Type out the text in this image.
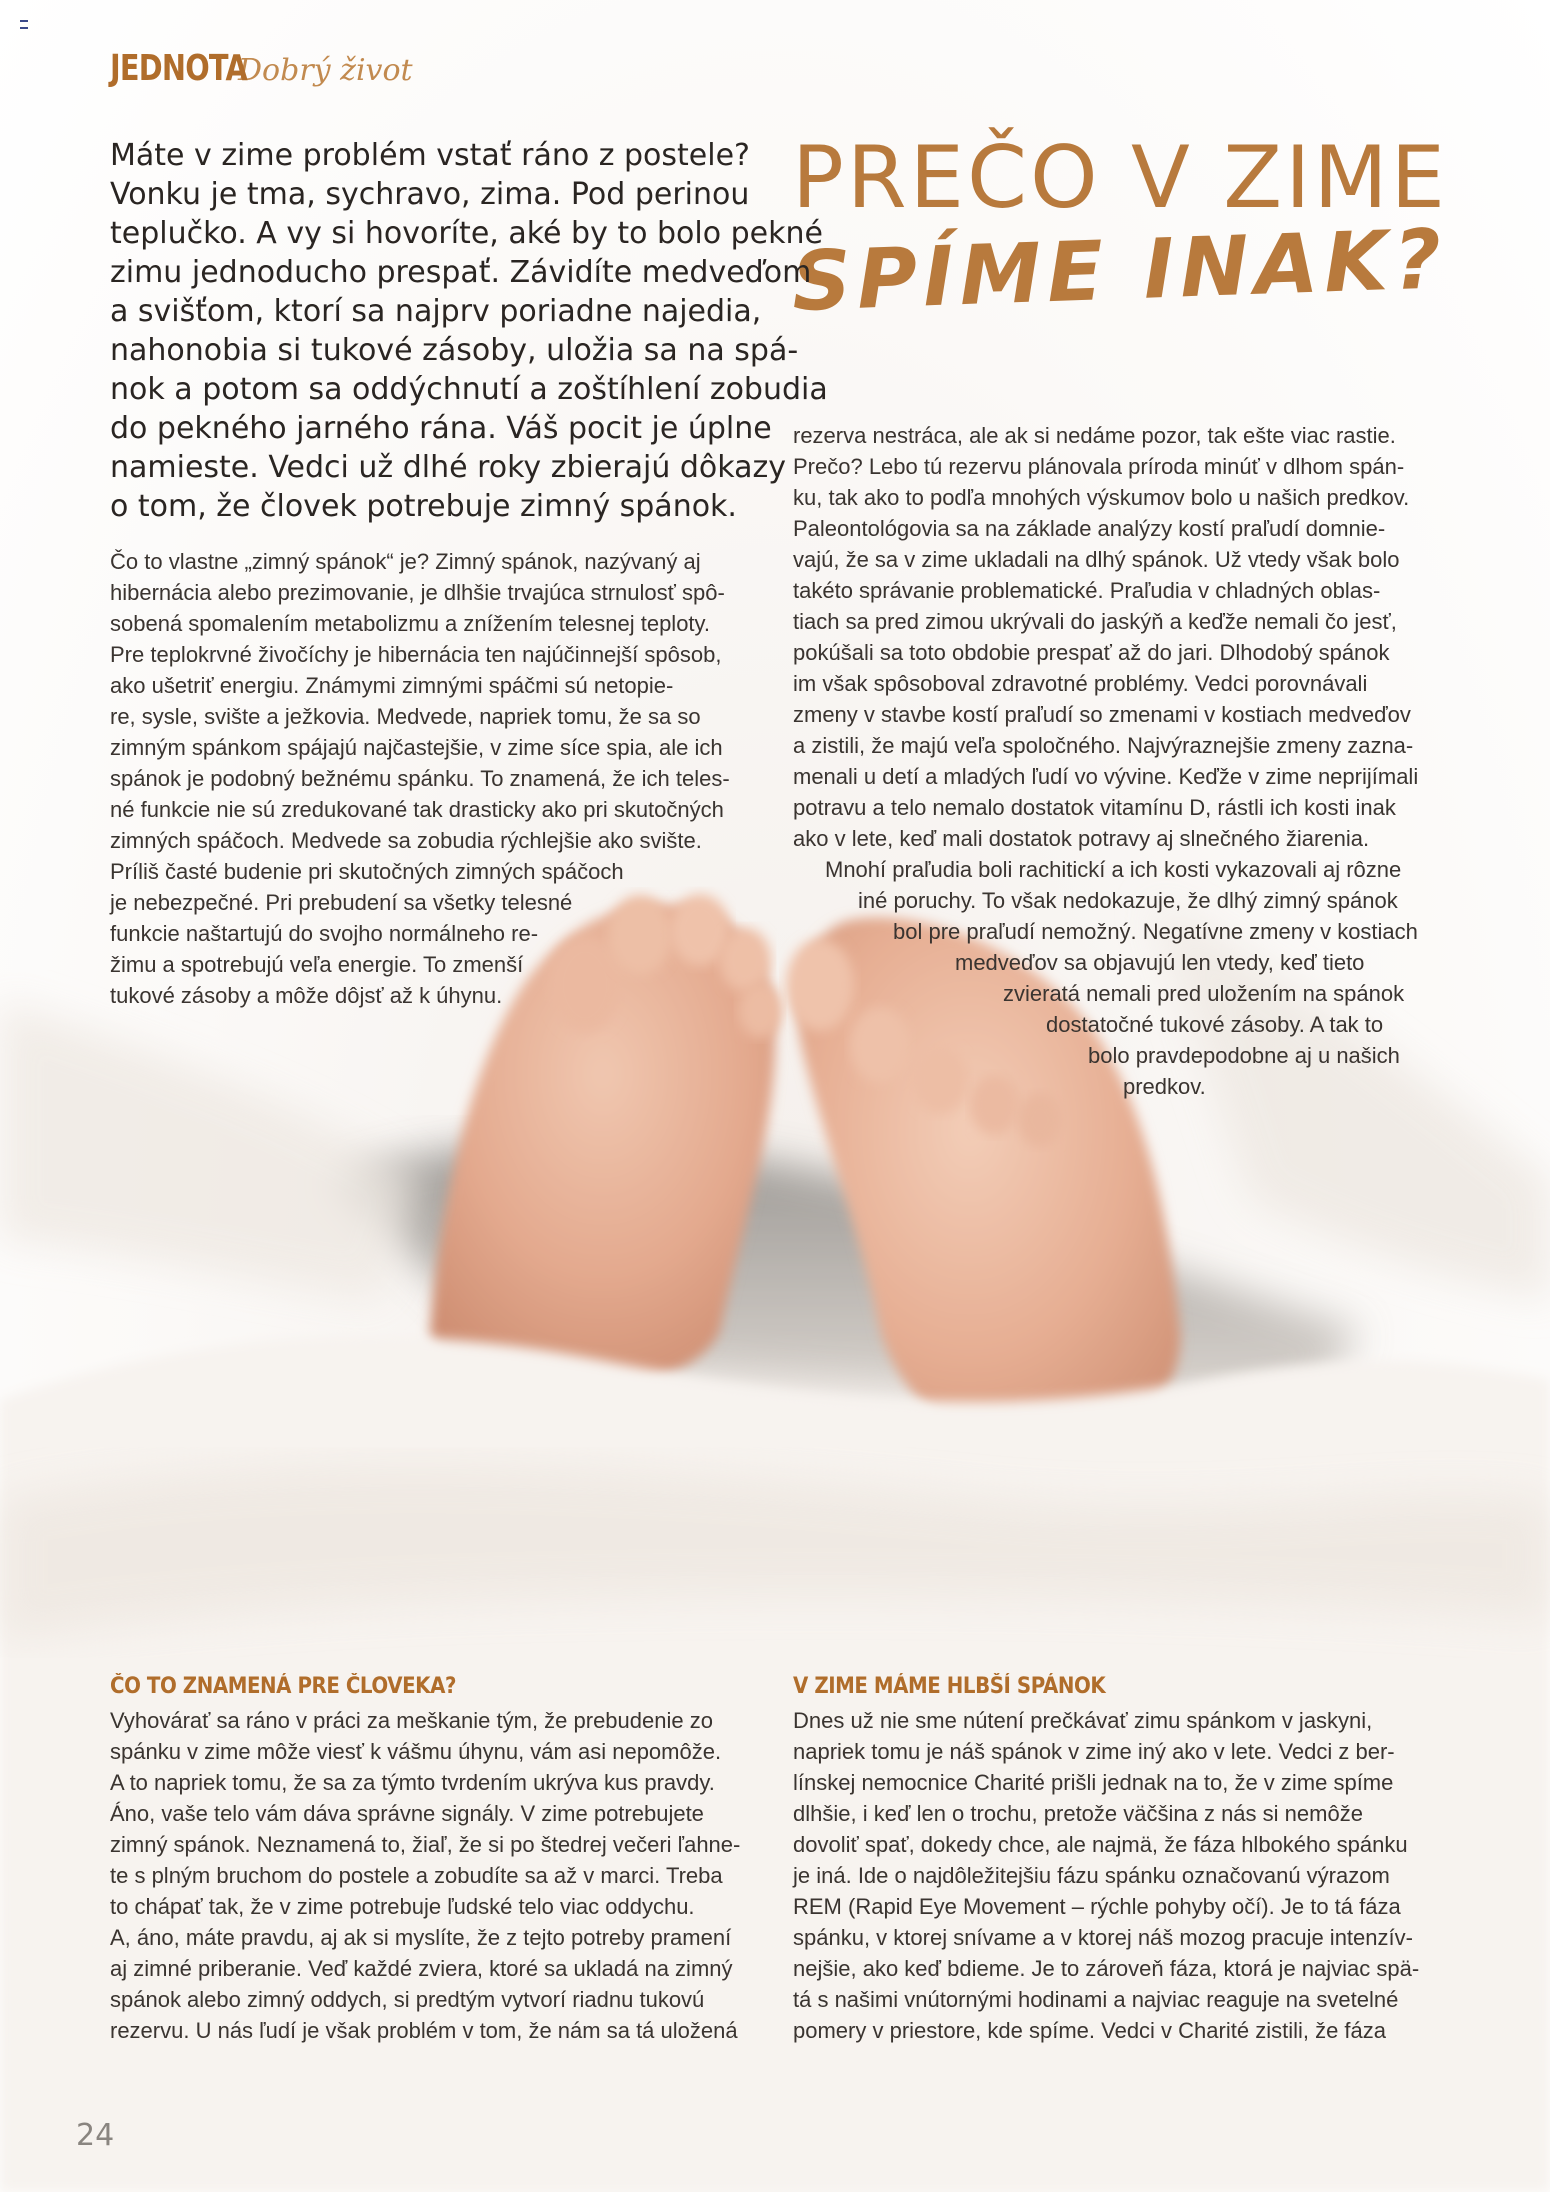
JEDNOTA
Dobrý život
PREČO V ZIME
SPÍME INAK?

Máte v zime problém vstať ráno z postele?
Vonku je tma, sychravo, zima. Pod perinou
teplučko. A vy si hovoríte, aké by to bolo pekné
zimu jednoducho prespať. Závidíte medveďom
a svišťom, ktorí sa najprv poriadne najedia,
nahonobia si tukové zásoby, uložia sa na spá-
nok a potom sa oddýchnutí a zoštíhlení zobudia
do pekného jarného rána. Váš pocit je úplne
namieste. Vedci už dlhé roky zbierajú dôkazy
o tom, že človek potrebuje zimný spánok.

Čo to vlastne „zimný spánok“ je? Zimný spánok, nazývaný aj
hibernácia alebo prezimovanie, je dlhšie trvajúca strnulosť spô-
sobená spomalením metabolizmu a znížením telesnej teploty.
Pre teplokrvné živočíchy je hibernácia ten najúčinnejší spôsob,
ako ušetriť energiu. Známymi zimnými spáčmi sú netopie-
re, sysle, svište a ježkovia. Medvede, napriek tomu, že sa so
zimným spánkom spájajú najčastejšie, v zime síce spia, ale ich
spánok je podobný bežnému spánku. To znamená, že ich teles-
né funkcie nie sú zredukované tak drasticky ako pri skutočných
zimných spáčoch. Medvede sa zobudia rýchlejšie ako svište.
Príliš časté budenie pri skutočných zimných spáčoch
je nebezpečné. Pri prebudení sa všetky telesné
funkcie naštartujú do svojho normálneho re-
žimu a spotrebujú veľa energie. To zmenší
tukové zásoby a môže dôjsť až k úhynu.

rezerva nestráca, ale ak si nedáme pozor, tak ešte viac rastie.
Prečo? Lebo tú rezervu plánovala príroda minúť v dlhom spán-
ku, tak ako to podľa mnohých výskumov bolo u našich predkov.
Paleontológovia sa na základe analýzy kostí praľudí domnie-
vajú, že sa v zime ukladali na dlhý spánok. Už vtedy však bolo
takéto správanie problematické. Praľudia v chladných oblas-
tiach sa pred zimou ukrývali do jaskýň a keďže nemali čo jesť,
pokúšali sa toto obdobie prespať až do jari. Dlhodobý spánok
im však spôsoboval zdravotné problémy. Vedci porovnávali
zmeny v stavbe kostí praľudí so zmenami v kostiach medveďov
a zistili, že majú veľa spoločného. Najvýraznejšie zmeny zazna-
menali u detí a mladých ľudí vo vývine. Keďže v zime neprijímali
potravu a telo nemalo dostatok vitamínu D, rástli ich kosti inak
ako v lete, keď mali dostatok potravy aj slnečného žiarenia.
Mnohí praľudia boli rachitickí a ich kosti vykazovali aj rôzne
iné poruchy. To však nedokazuje, že dlhý zimný spánok
bol pre praľudí nemožný. Negatívne zmeny v kostiach
medveďov sa objavujú len vtedy, keď tieto
zvieratá nemali pred uložením na spánok
dostatočné tukové zásoby. A tak to
bolo pravdepodobne aj u našich
predkov.

ČO TO ZNAMENÁ PRE ČLOVEKA?

Vyhovárať sa ráno v práci za meškanie tým, že prebudenie zo
spánku v zime môže viesť k vášmu úhynu, vám asi nepomôže.
A to napriek tomu, že sa za týmto tvrdením ukrýva kus pravdy.
Áno, vaše telo vám dáva správne signály. V zime potrebujete
zimný spánok. Neznamená to, žiaľ, že si po štedrej večeri ľahne-
te s plným bruchom do postele a zobudíte sa až v marci. Treba
to chápať tak, že v zime potrebuje ľudské telo viac oddychu.
A, áno, máte pravdu, aj ak si myslíte, že z tejto potreby pramení
aj zimné priberanie. Veď každé zviera, ktoré sa ukladá na zimný
spánok alebo zimný oddych, si predtým vytvorí riadnu tukovú
rezervu. U nás ľudí je však problém v tom, že nám sa tá uložená

V ZIME MÁME HLBŠÍ SPÁNOK

Dnes už nie sme nútení prečkávať zimu spánkom v jaskyni,
napriek tomu je náš spánok v zime iný ako v lete. Vedci z ber-
línskej nemocnice Charité prišli jednak na to, že v zime spíme
dlhšie, i keď len o trochu, pretože väčšina z nás si nemôže
dovoliť spať, dokedy chce, ale najmä, že fáza hlbokého spánku
je iná. Ide o najdôležitejšiu fázu spánku označovanú výrazom
REM (Rapid Eye Movement – rýchle pohyby očí). Je to tá fáza
spánku, v ktorej snívame a v ktorej náš mozog pracuje intenzív-
nejšie, ako keď bdieme. Je to zároveň fáza, ktorá je najviac spä-
tá s našimi vnútornými hodinami a najviac reaguje na svetelné
pomery v priestore, kde spíme. Vedci v Charité zistili, že fáza

24
